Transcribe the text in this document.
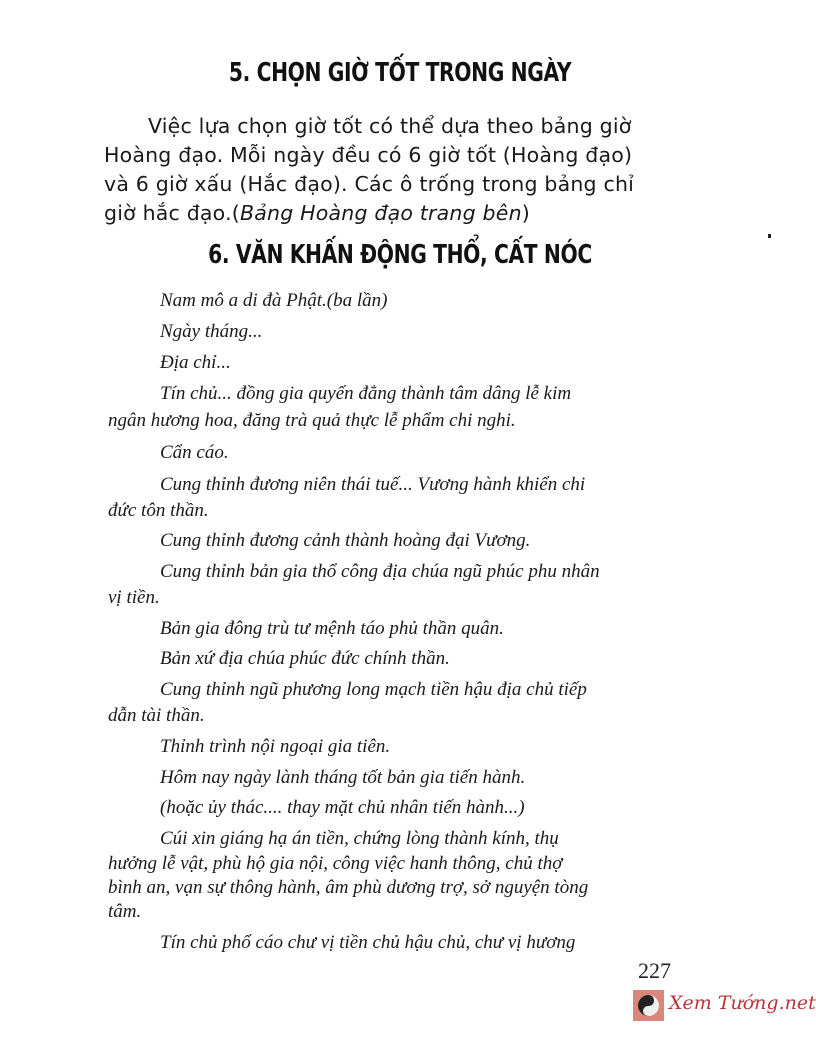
5. CHỌN GIỜ TỐT TRONG NGÀY
Việc lựa chọn giờ tốt có thể dựa theo bảng giờ
Hoàng đạo. Mỗi ngày đều có 6 giờ tốt (Hoàng đạo)
và 6 giờ xấu (Hắc đạo). Các ô trống trong bảng chỉ
giờ hắc đạo.(Bảng Hoàng đạo trang bên)
6. VĂN KHẤN ĐỘNG THỔ, CẤT NÓC
Nam mô a di đà Phật.(ba lần)
Ngày tháng...
Địa chỉ...
Tín chủ... đồng gia quyến đẳng thành tâm dâng lễ kim
ngân hương hoa, đăng trà quả thực lễ phẩm chi nghi.
Cẩn cáo.
Cung thỉnh đương niên thái tuế... Vương hành khiển chi
đức tôn thần.
Cung thỉnh đương cảnh thành hoàng đại Vương.
Cung thỉnh bản gia thổ công địa chúa ngũ phúc phu nhân
vị tiền.
Bản gia đông trù tư mệnh táo phủ thần quân.
Bản xứ địa chúa phúc đức chính thần.
Cung thỉnh ngũ phương long mạch tiền hậu địa chủ tiếp
dẫn tài thần.
Thỉnh trình nội ngoại gia tiên.
Hôm nay ngày lành tháng tốt bản gia tiến hành.
(hoặc ủy thác.... thay mặt chủ nhân tiến hành...)
Cúi xin giáng hạ án tiền, chứng lòng thành kính, thụ
hưởng lễ vật, phù hộ gia nội, công việc hanh thông, chủ thợ
bình an, vạn sự thông hành, âm phù dương trợ, sở nguyện tòng
tâm.
Tín chủ phổ cáo chư vị tiền chủ hậu chủ, chư vị hương
227
Xem Tướng.net
